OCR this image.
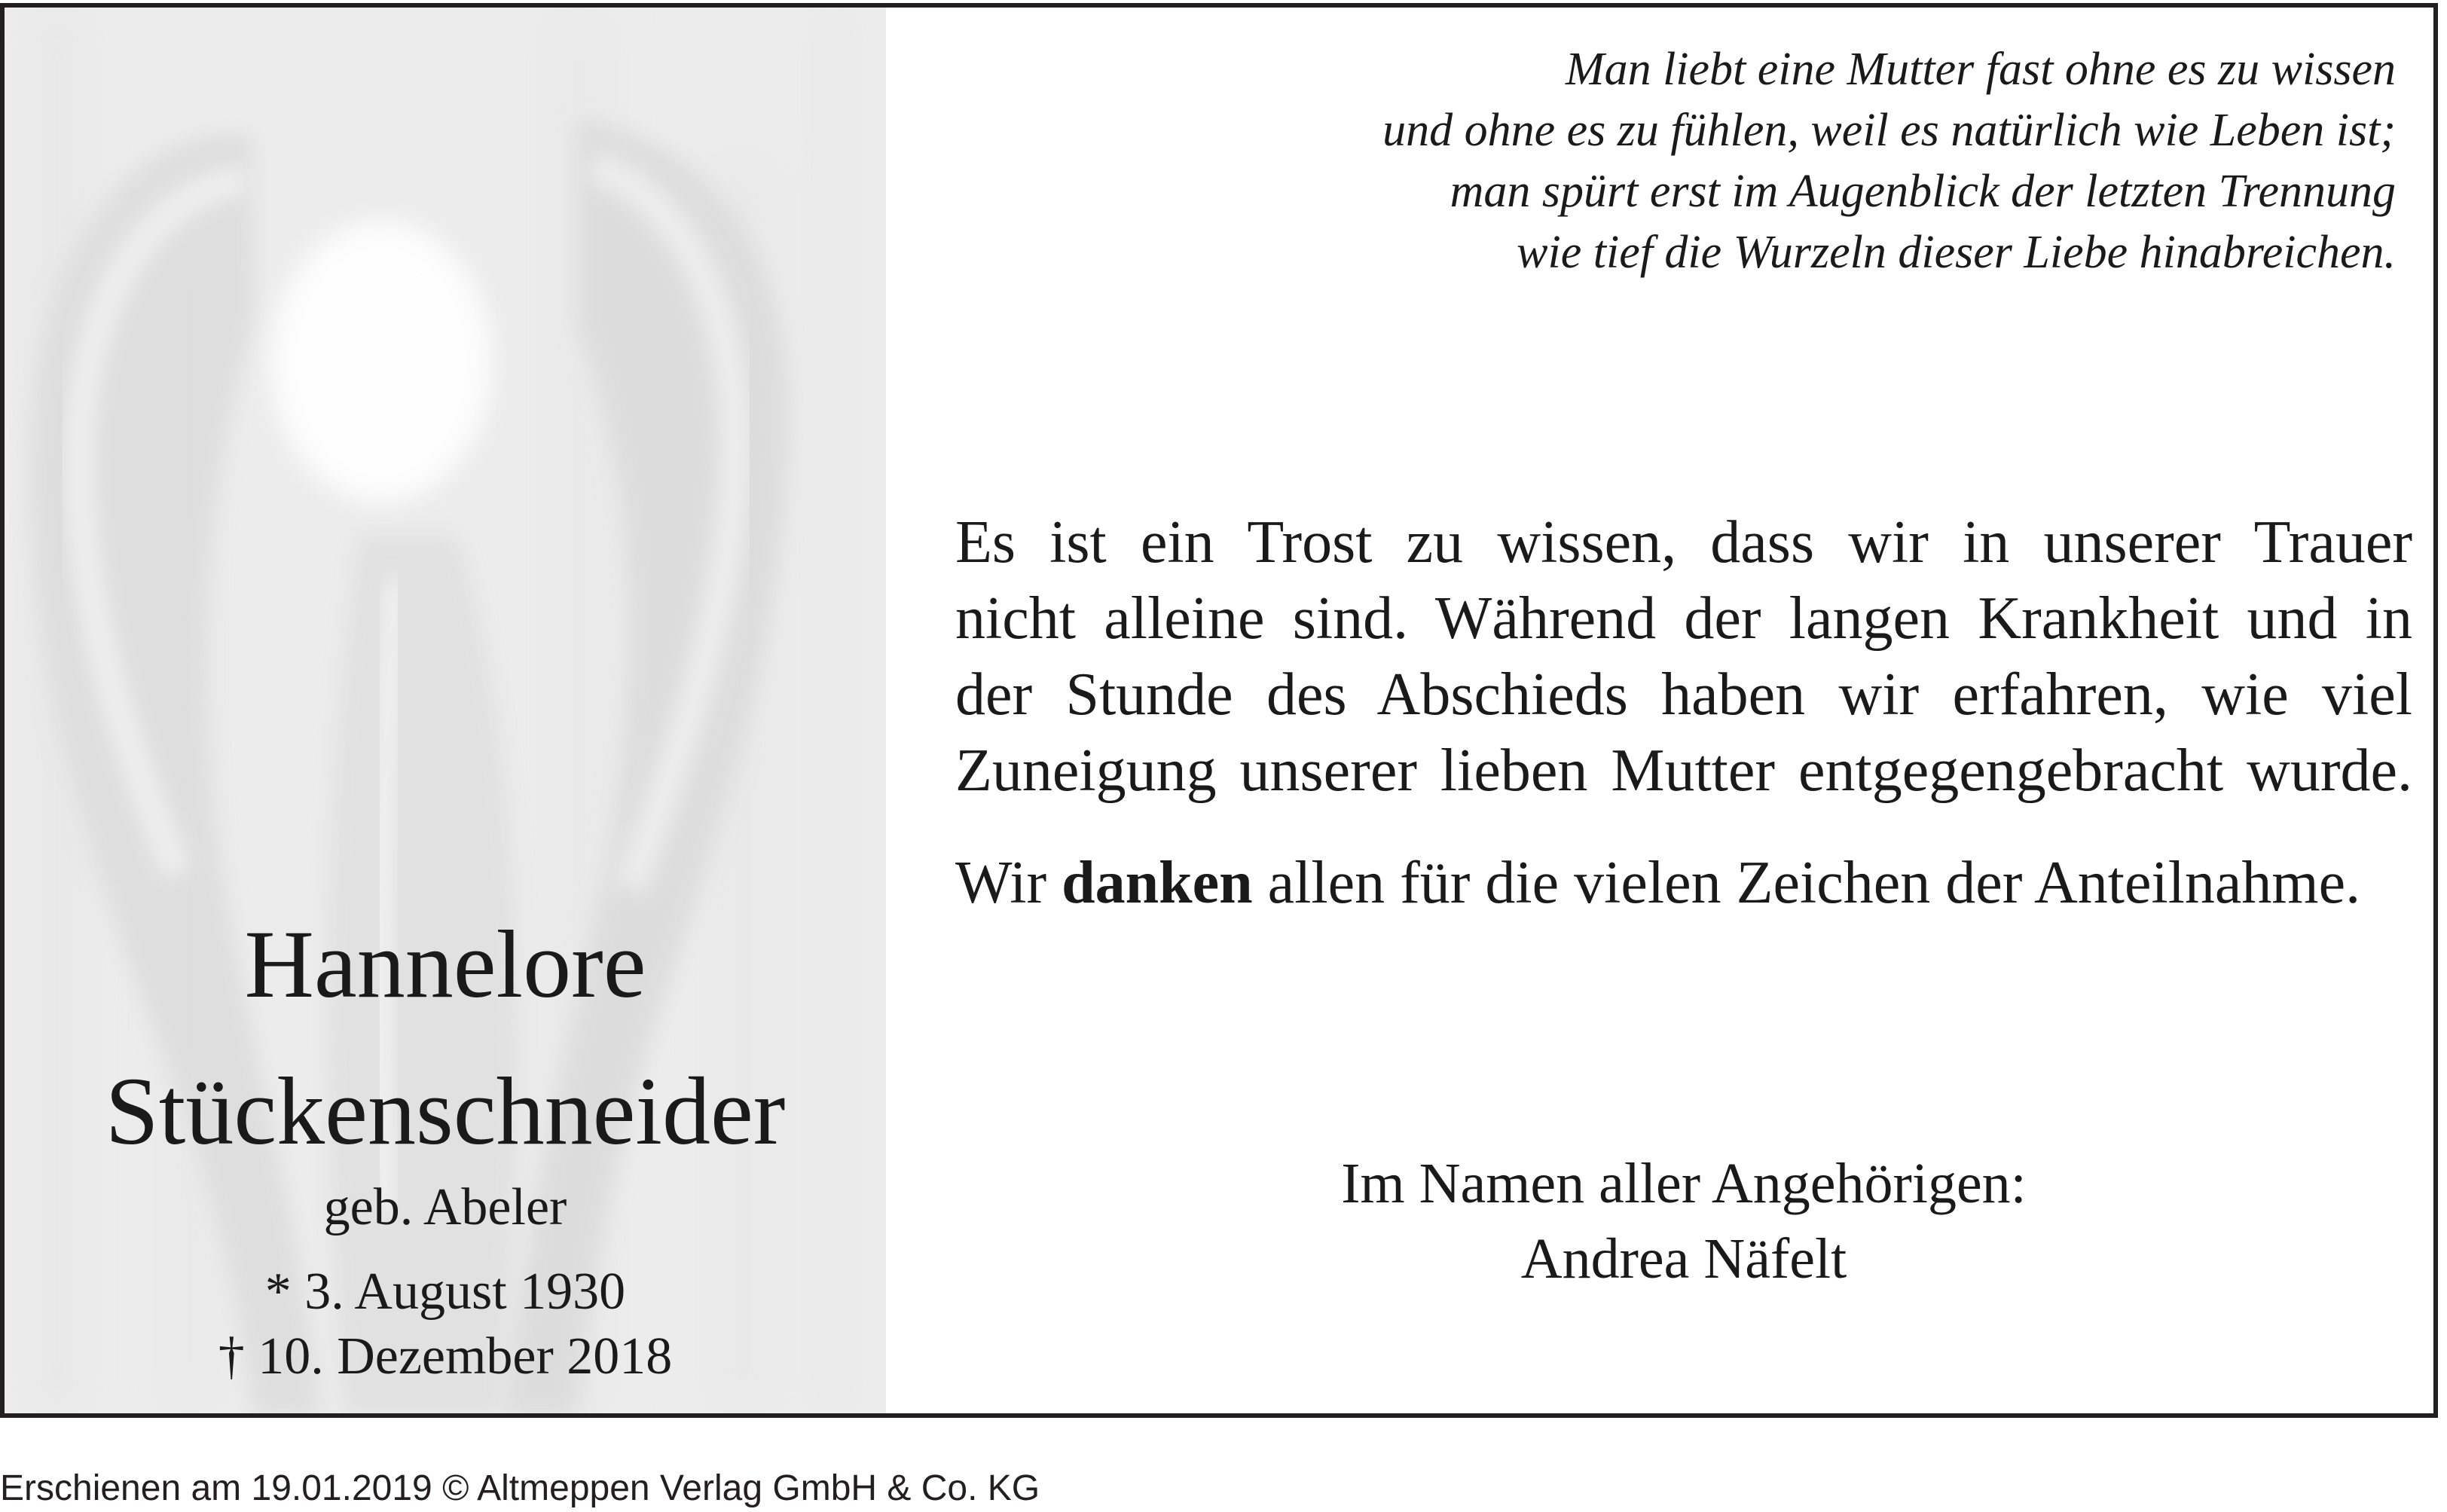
Hannelore
Stückenschneider
geb. Abeler
* 3. August 1930
† 10. Dezember 2018
Man liebt eine Mutter fast ohne es zu wissen
und ohne es zu fühlen, weil es natürlich wie Leben ist;
man spürt erst im Augenblick der letzten Trennung
wie tief die Wurzeln dieser Liebe hinabreichen.
Es ist ein Trost zu wissen, dass wir in unserer Trauer
nicht alleine sind. Während der langen Krankheit und in
der Stunde des Abschieds haben wir erfahren, wie viel
Zuneigung unserer lieben Mutter entgegengebracht wurde.
Wir danken allen für die vielen Zeichen der Anteilnahme.
Im Namen aller Angehörigen:
Andrea Näfelt
Erschienen am 19.01.2019 © Altmeppen Verlag GmbH & Co. KG
